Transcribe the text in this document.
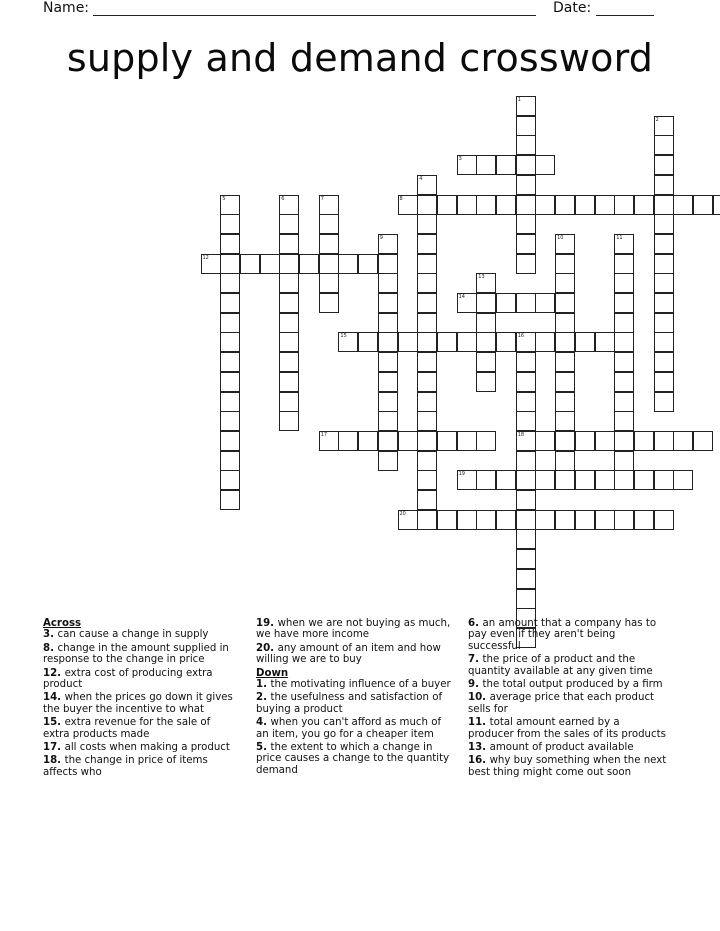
Name:	Date:
supply and demand crossword
1
2
3
4
5	6	7	8
9	10	11
12
13
14
15	16
18
17
19
20
Across
3. can cause a change in supply
8. change in the amount supplied in response to the change in price
12. extra cost of producing extra product
14. when the prices go down it gives the buyer the incentive to what
15. extra revenue for the sale of extra products made
17. all costs when making a product
18. the change in price of items affects who
19. when we are not buying as much, we have more income
20. any amount of an item and how willing we are to buy
Down
1. the motivating influence of a buyer
2. the usefulness and satisfaction of buying a product
4. when you can't afford as much of an item, you go for a cheaper item
5. the extent to which a change in price causes a change to the quantity demand
6. an amount that a company has to pay even if they aren't being successful
7. the price of a product and the quantity available at any given time
9. the total output produced by a firm
10. average price that each product sells for
11. total amount earned by a producer from the sales of its products
13. amount of product available
16. why buy something when the next best thing might come out soon
